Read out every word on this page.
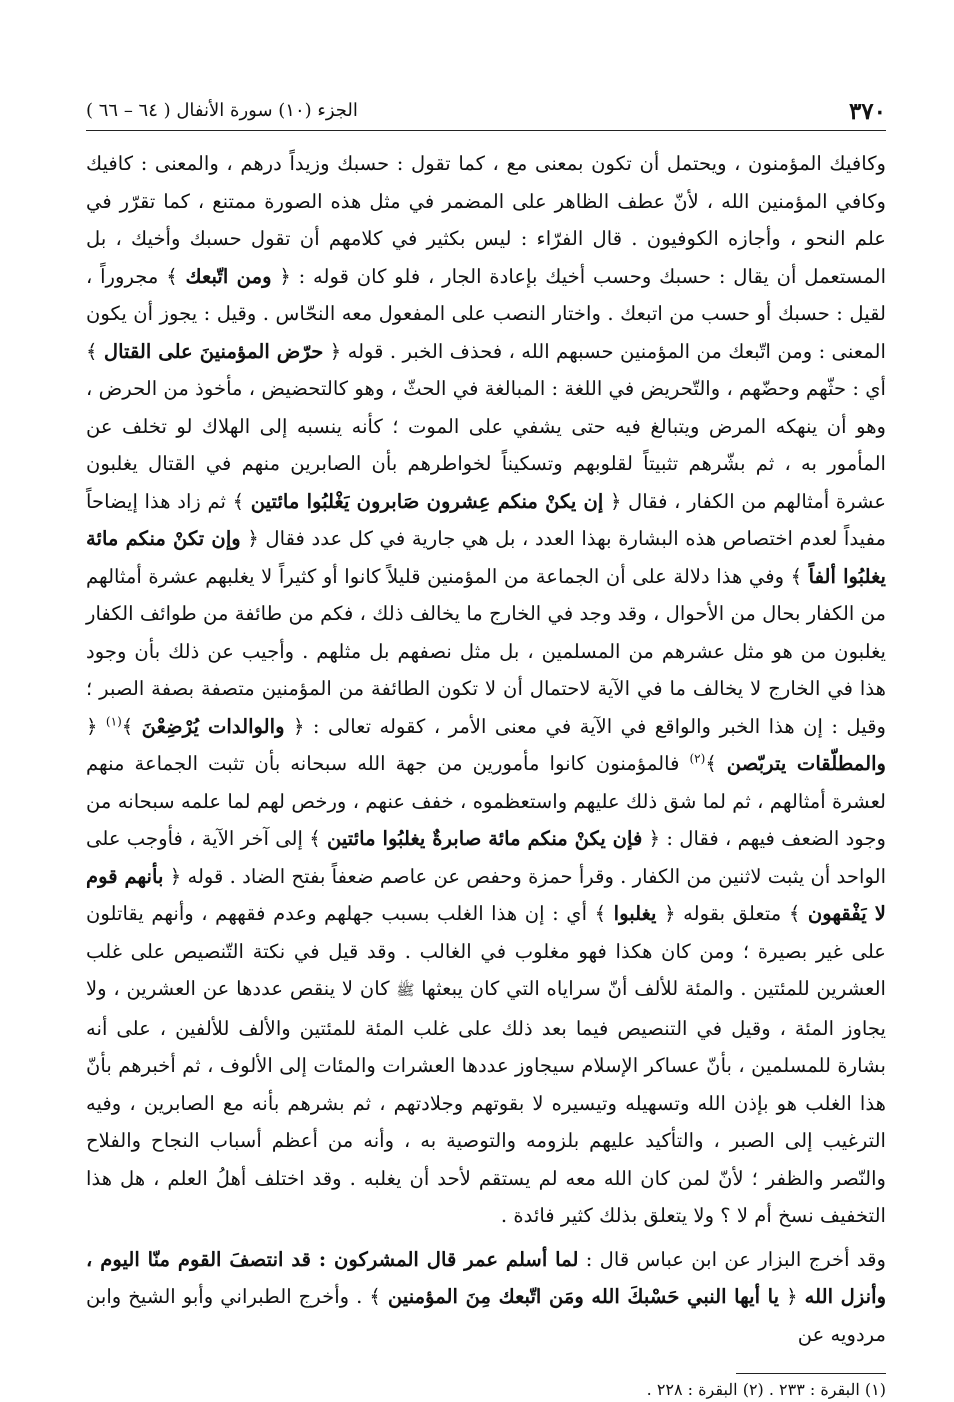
٣٧٠
الجزء (١٠) سورة الأنفال ( ٦٤ – ٦٦ )

وكافيك المؤمنون ، ويحتمل أن تكون بمعنى مع ، كما تقول : حسبك وزيداً درهم ، والمعنى : كافيك وكافي المؤمنين الله ، لأنّ عطف الظاهر على المضمر في مثل هذه الصورة ممتنع ، كما تقرّر في علم النحو ، وأجازه الكوفيون . قال الفرّاء : ليس بكثير في كلامهم أن تقول حسبك وأخيك ، بل المستعمل أن يقال : حسبك وحسب أخيك بإعادة الجار ، فلو كان قوله : ﴿ ومن اتّبعك ﴾ مجروراً ، لقيل : حسبك أو حسب من اتبعك . واختار النصب على المفعول معه النحّاس . وقيل : يجوز أن يكون المعنى : ومن اتّبعك من المؤمنين حسبهم الله ، فحذف الخبر . قوله ﴿ حرّض المؤمنينَ على القتال ﴾ أي : حثّهم وحضّهم ، والتّحريض في اللغة : المبالغة في الحثّ ، وهو كالتحضيض ، مأخوذ من الحرض ، وهو أن ينهكه المرض ويتبالغ فيه حتى يشفي على الموت ؛ كأنه ينسبه إلى الهلاك لو تخلف عن المأمور به ، ثم بشّرهم تثبيتاً لقلوبهم وتسكيناً لخواطرهم بأن الصابرين منهم في القتال يغلبون عشرة أمثالهم من الكفار ، فقال ﴿ إن يكنْ منكم عِشرون صَابرون يَغْلبُوا مائتين ﴾ ثم زاد هذا إيضاحاً مفيداً لعدم اختصاص هذه البشارة بهذا العدد ، بل هي جارية في كل عدد فقال ﴿ وإن تكنْ منكم مائة يغلبُوا ألفاً ﴾ وفي هذا دلالة على أن الجماعة من المؤمنين قليلاً كانوا أو كثيراً لا يغلبهم عشرة أمثالهم من الكفار بحال من الأحوال ، وقد وجد في الخارج ما يخالف ذلك ، فكم من طائفة من طوائف الكفار يغلبون من هو مثل عشرهم من المسلمين ، بل مثل نصفهم بل مثلهم . وأجيب عن ذلك بأن وجود هذا في الخارج لا يخالف ما في الآية لاحتمال أن لا تكون الطائفة من المؤمنين متصفة بصفة الصبر ؛ وقيل : إن هذا الخبر والواقع في الآية في معنى الأمر ، كقوله تعالى : ﴿ والوالدات يُرْضِعْنَ ﴾$^{(١)}$ ﴿ والمطلّقات يتربّصن ﴾$^{(٢)}$ فالمؤمنون كانوا مأمورين من جهة الله سبحانه بأن تثبت الجماعة منهم لعشرة أمثالهم ، ثم لما شق ذلك عليهم واستعظموه ، خفف عنهم ، ورخص لهم لما علمه سبحانه من وجود الضعف فيهم ، فقال : ﴿ فإن يكنْ منكم مائة صابرةٌ يغلبُوا مائتين ﴾ إلى آخر الآية ، فأوجب على الواحد أن يثبت لاثنين من الكفار . وقرأ حمزة وحفص عن عاصم ضعفاً بفتح الضاد . قوله ﴿ بأنهم قوم لا يَفْقهون ﴾ متعلق بقوله ﴿ يغلبوا ﴾ أي : إن هذا الغلب بسبب جهلهم وعدم فقههم ، وأنهم يقاتلون على غير بصيرة ؛ ومن كان هكذا فهو مغلوب في الغالب . وقد قيل في نكتة التّنصيص على غلب العشرين للمئتين . والمئة للألف أنّ سراياه التي كان يبعثها ﷺ كان لا ينقص عددها عن العشرين ، ولا يجاوز المئة ، وقيل في التنصيص فيما بعد ذلك على غلب المئة للمئتين والألف للألفين ، على أنه بشارة للمسلمين ، بأنّ عساكر الإسلام سيجاوز عددها العشرات والمئات إلى الألوف ، ثم أخبرهم بأنّ هذا الغلب هو بإذن الله وتسهيله وتيسيره لا بقوتهم وجلادتهم ، ثم بشرهم بأنه مع الصابرين ، وفيه الترغيب إلى الصبر ، والتأكيد عليهم بلزومه والتوصية به ، وأنه من أعظم أسباب النجاح والفلاح والنّصر والظفر ؛ لأنّ لمن كان الله معه لم يستقم لأحد أن يغلبه . وقد اختلف أهلُ العلم ، هل هذا التخفيف نسخ أم لا ؟ ولا يتعلق بذلك كثير فائدة .

وقد أخرج البزار عن ابن عباس قال : لما أسلم عمر قال المشركون : قد انتصفَ القوم منّا اليوم ، وأنزل الله ﴿ يا أيها النبي حَسْبكَ الله ومَن اتّبعك مِنَ المؤمنين ﴾ . وأخرج الطبراني وأبو الشيخ وابن مردويه عن

(١) البقرة : ٢٣٣ . (٢) البقرة : ٢٢٨ .
